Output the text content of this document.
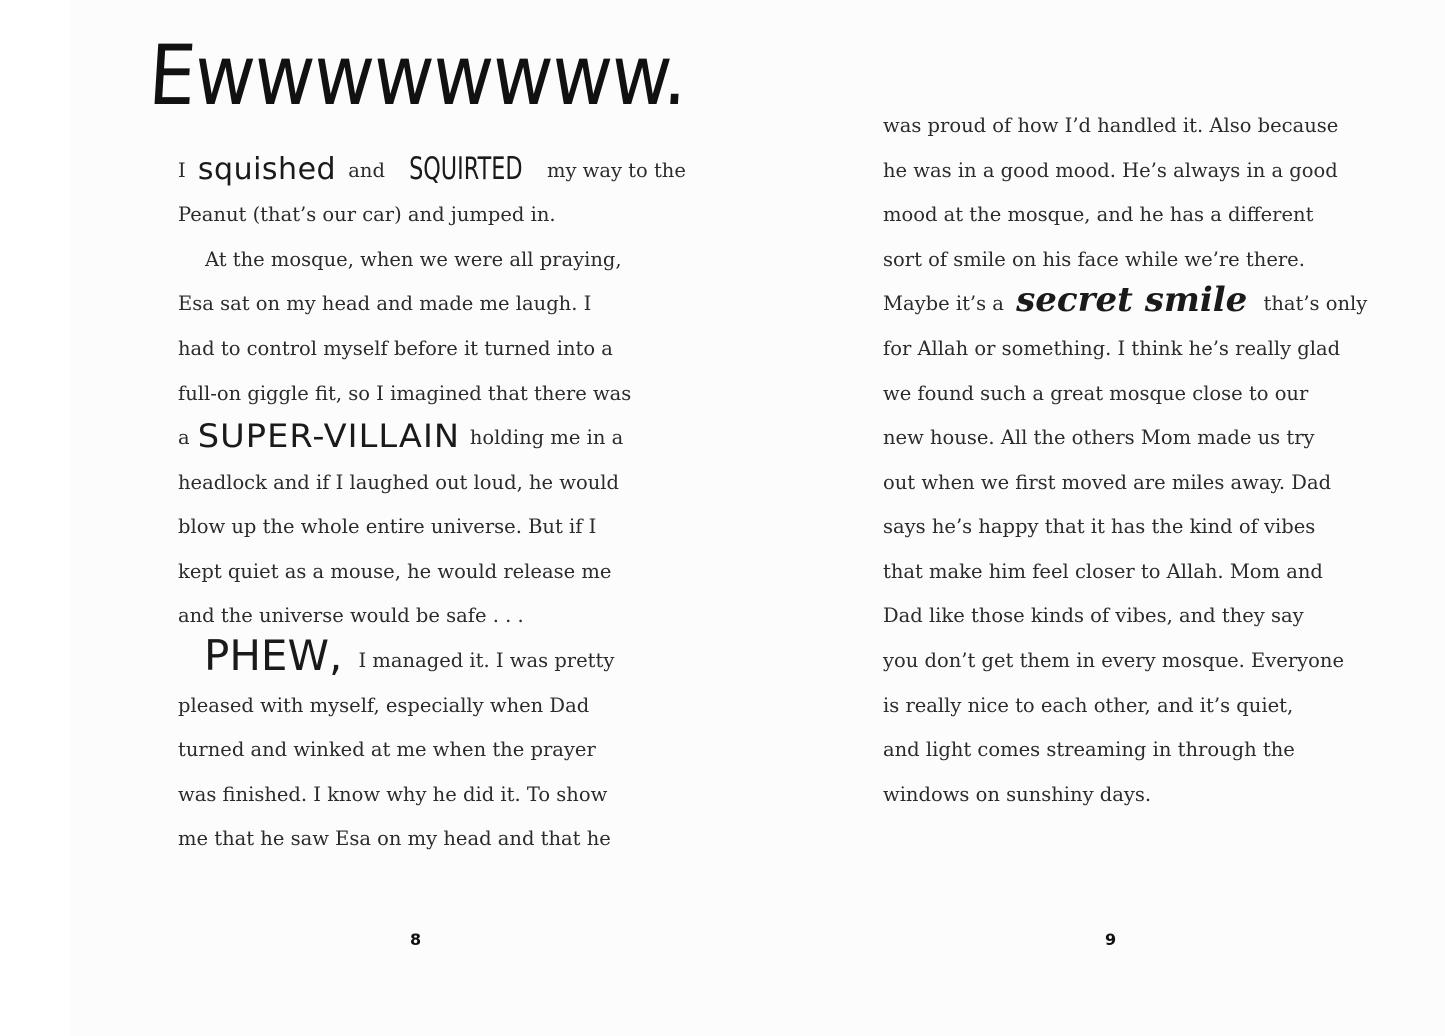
Ewwwwwwww.
I squished and SQUIRTED my way to the
Peanut (that’s our car) and jumped in.
At the mosque, when we were all praying,
Esa sat on my head and made me laugh. I
had to control myself before it turned into a
full-on giggle fit, so I imagined that there was
a SUPER-VILLAIN holding me in a
headlock and if I laughed out loud, he would
blow up the whole entire universe. But if I
kept quiet as a mouse, he would release me
and the universe would be safe . . .
PHEW, I managed it. I was pretty
pleased with myself, especially when Dad
turned and winked at me when the prayer
was finished. I know why he did it. To show
me that he saw Esa on my head and that he
8
was proud of how I’d handled it. Also because
he was in a good mood. He’s always in a good
mood at the mosque, and he has a different
sort of smile on his face while we’re there.
Maybe it’s a secret smile that’s only
for Allah or something. I think he’s really glad
we found such a great mosque close to our
new house. All the others Mom made us try
out when we first moved are miles away. Dad
says he’s happy that it has the kind of vibes
that make him feel closer to Allah. Mom and
Dad like those kinds of vibes, and they say
you don’t get them in every mosque. Everyone
is really nice to each other, and it’s quiet,
and light comes streaming in through the
windows on sunshiny days.
9
